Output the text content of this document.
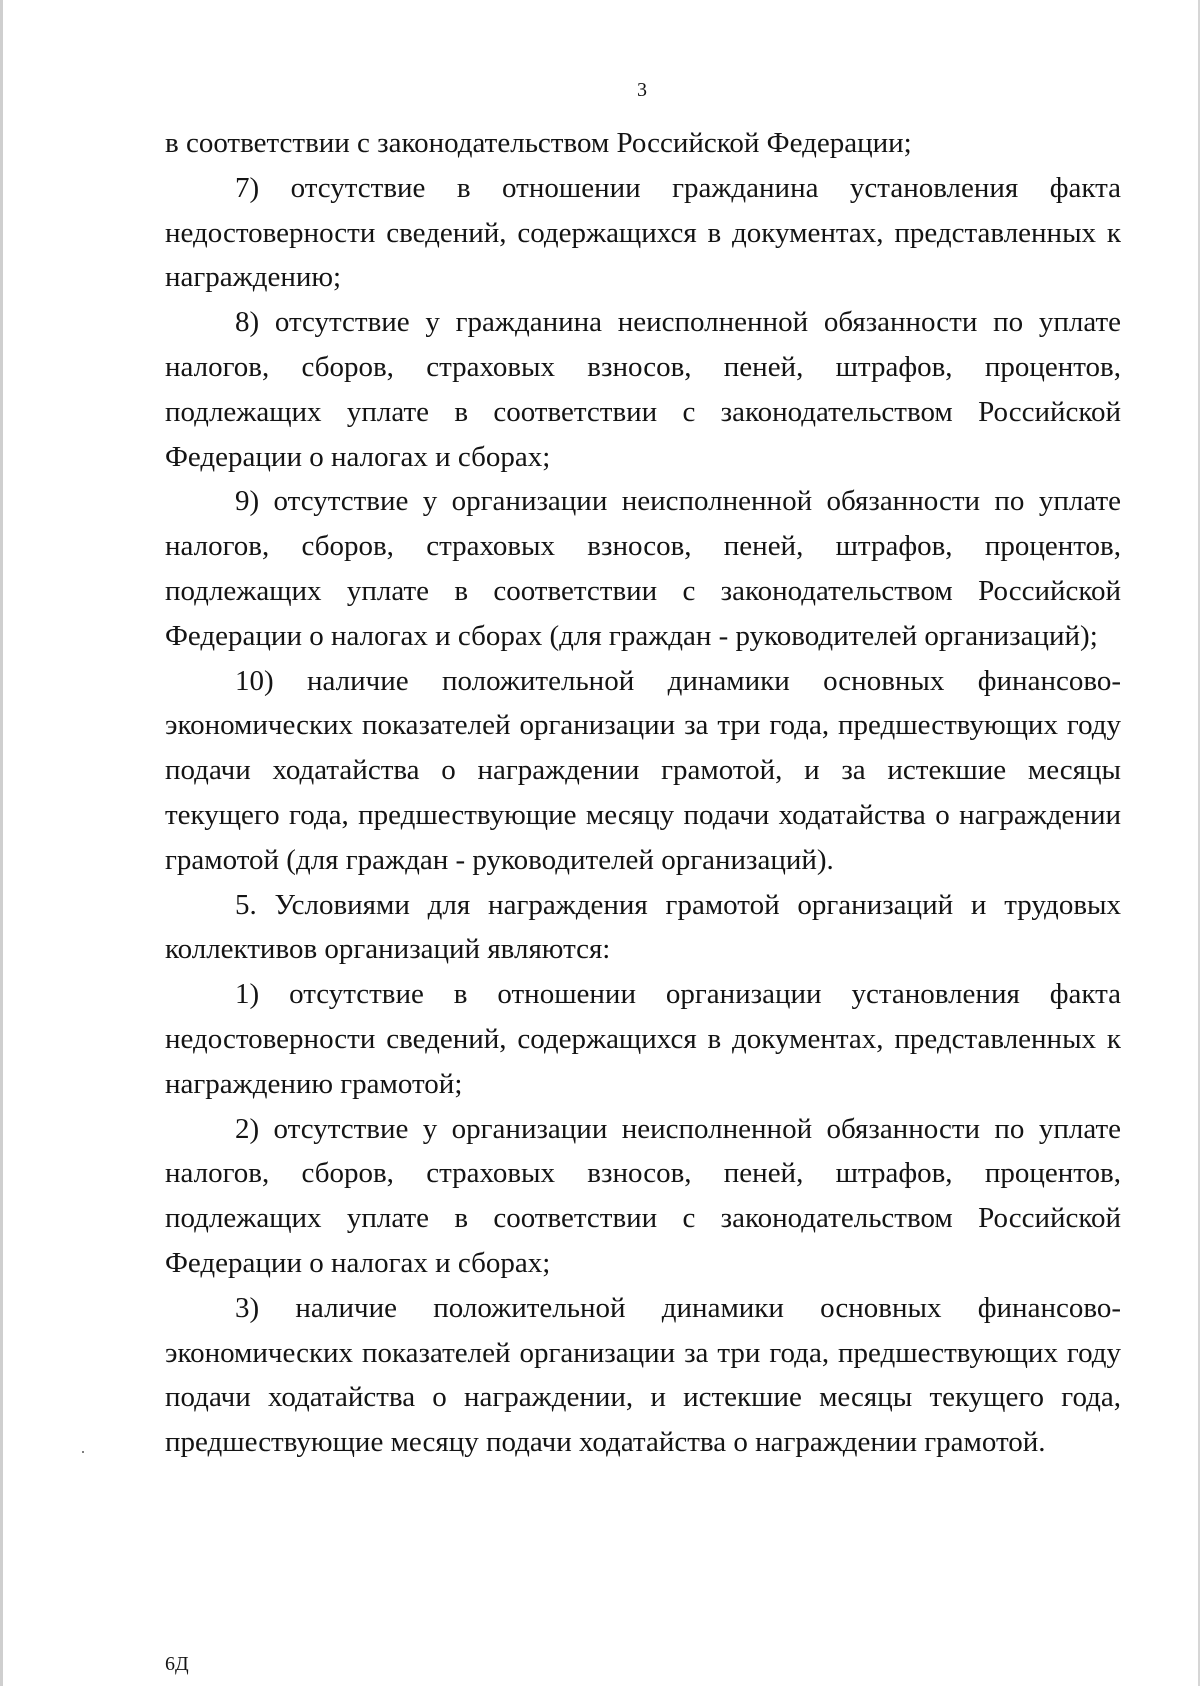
3

в соответствии с законодательством Российской Федерации;

7) отсутствие в отношении гражданина установления факта недостоверности сведений, содержащихся в документах, представленных к награждению;

8) отсутствие у гражданина неисполненной обязанности по уплате налогов, сборов, страховых взносов, пеней, штрафов, процентов, подлежащих уплате в соответствии с законодательством Российской Федерации о налогах и сборах;

9) отсутствие у организации неисполненной обязанности по уплате налогов, сборов, страховых взносов, пеней, штрафов, процентов, подлежащих уплате в соответствии с законодательством Российской Федерации о налогах и сборах (для граждан - руководителей организаций);

10) наличие положительной динамики основных финансово-экономических показателей организации за три года, предшествующих году подачи ходатайства о награждении грамотой, и за истекшие месяцы текущего года, предшествующие месяцу подачи ходатайства о награждении грамотой (для граждан - руководителей организаций).

5. Условиями для награждения грамотой организаций и трудовых коллективов организаций являются:

1) отсутствие в отношении организации установления факта недостоверности сведений, содержащихся в документах, представленных к награждению грамотой;

2) отсутствие у организации неисполненной обязанности по уплате налогов, сборов, страховых взносов, пеней, штрафов, процентов, подлежащих уплате в соответствии с законодательством Российской Федерации о налогах и сборах;

3) наличие положительной динамики основных финансово-экономических показателей организации за три года, предшествующих году подачи ходатайства о награждении, и истекшие месяцы текущего года, предшествующие месяцу подачи ходатайства о награждении грамотой.

6Д
